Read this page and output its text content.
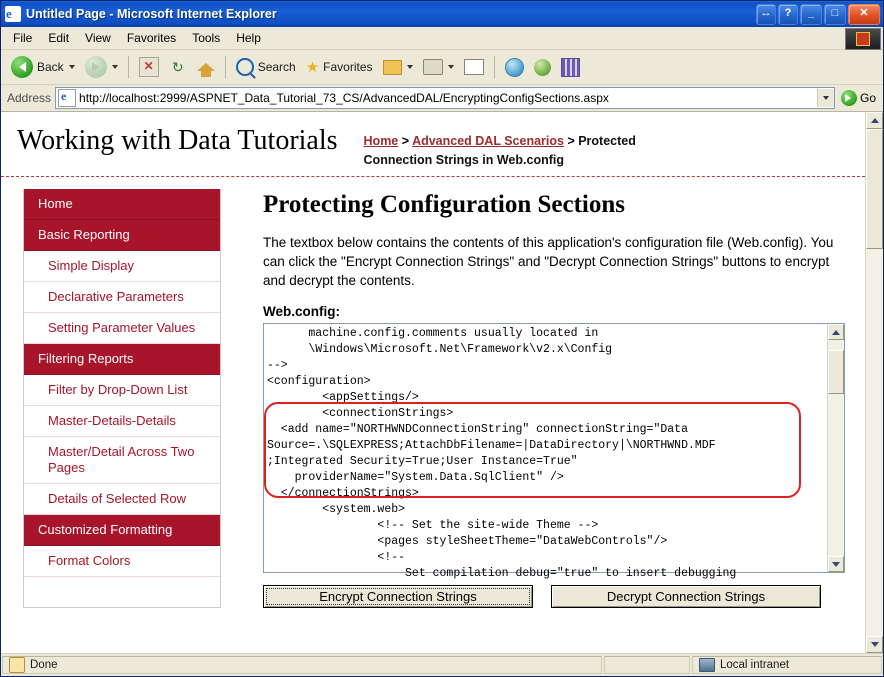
e Untitled Page - Microsoft Internet Explorer	↔	?	_	□	✕
File	Edit	View	Favorites	Tools	Help
Back	✕	↻	Search ★ Favorites
Address e http://localhost:2999/ASPNET_Data_Tutorial_73_CS/AdvancedDAL/EncryptingConfigSections.aspx	Go
Working with Data Tutorials Home > Advanced DAL Scenarios > Protected Connection Strings in Web.config
Home
Basic Reporting
Simple Display
Declarative Parameters
Setting Parameter Values
Filtering Reports
Filter by Drop-Down List
Master-Details-Details
Master/Detail Across Two Pages
Details of Selected Row
Customized Formatting
Format Colors
Protecting Configuration Sections

The textbox below contains the contents of this application's configuration file (Web.config). You can click the "Encrypt Connection Strings" and "Decrypt Connection Strings" buttons to encrypt and decrypt the contents.

Web.config:
machine.config.comments usually located in
\Windows\Microsoft.Net\Framework\v2.x\Config
-->
<configuration>
<appSettings/>
<connectionStrings>
<add name="NORTHWNDConnectionString" connectionString="Data
Source=.\SQLEXPRESS;AttachDbFilename=|DataDirectory|\NORTHWND.MDF
;Integrated Security=True;User Instance=True"
providerName="System.Data.SqlClient" />
</connectionStrings>
<system.web>
<!-- Set the site-wide Theme -->
<pages styleSheetTheme="DataWebControls"/>
<!--
Set compilation debug="true" to insert debugging
Encrypt Connection Strings	Decrypt Connection Strings
Done	Local intranet
